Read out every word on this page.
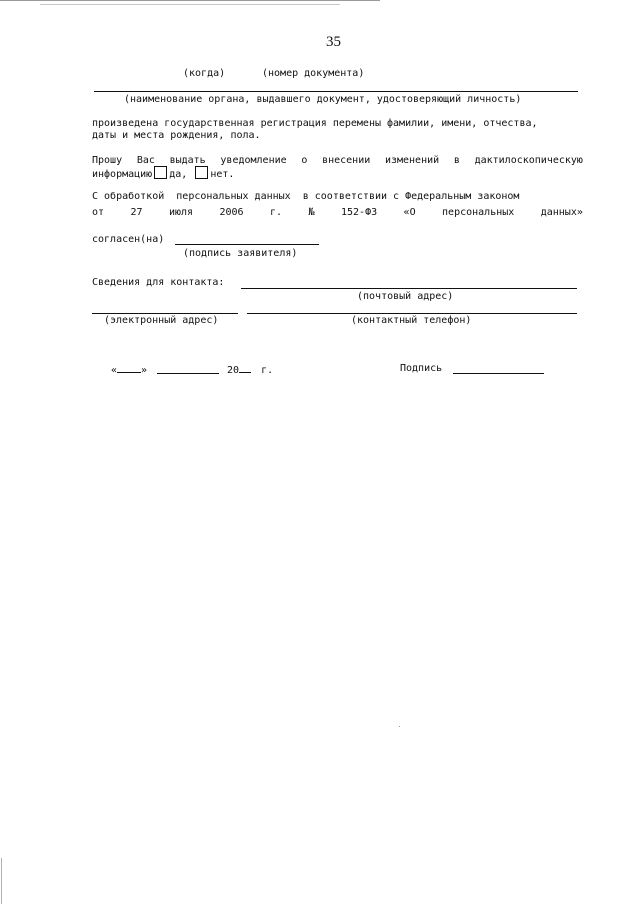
35
(когда)	(номер документа)
(наименование органа, выдавшего документ, удостоверяющий личность)
произведена государственная регистрация перемены фамилии, имени, отчества,
даты и места рождения, пола.
Прошу Вас выдать уведомление о внесении изменений в дактилоскопическую
информацию да, нет.
С обработкой  персональных данных  в соответствии с Федеральным законом
от	27	июля	2006	г.	№	152-ФЗ	«О	персональных	данных»
согласен(на)
(подпись заявителя)
Сведения для контакта:
(почтовый адрес)
(электронный адрес)	(контактный телефон)
« »	20 г.	Подпись
